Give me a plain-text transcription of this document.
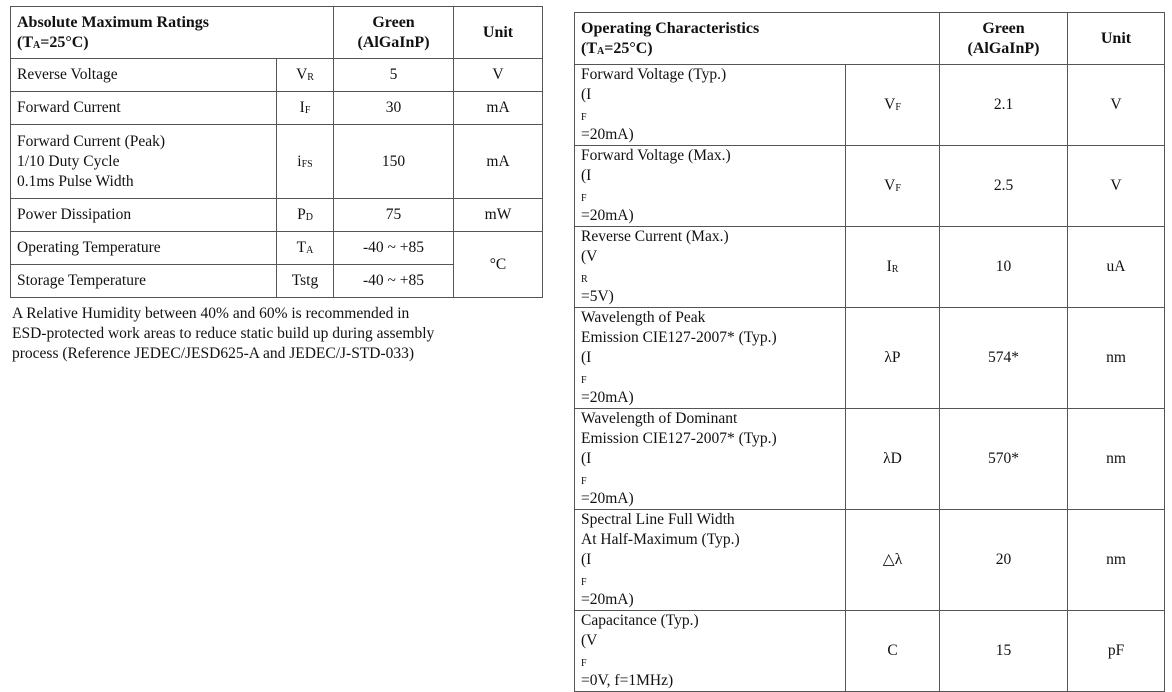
Absolute Maximum Ratings
$(T_A=25^\circ C)$		Green
(AlGaInP)	Unit
Reverse Voltage	$V_R$	5	V
Forward Current	$I_F$	30	mA

Forward Current (Peak)
1/10 Duty Cycle
0.1ms Pulse Width	$i_{FS}$	150	mA
Power Dissipation	$P_D$	75	mW
Operating Temperature	$T_A$	-40 ~ +85	°C
Storage Temperature	Tstg	-40 ~ +85	
A Relative Humidity between 40% and 60% is recommended in
ESD-protected work areas to reduce static build up during assembly
process (Reference JEDEC/JESD625-A and JEDEC/J-STD-033)
Operating Characteristics
$(T_A=25^\circ C)$		Green
(AlGaInP)	Unit

Forward Voltage (Typ.)
(I
$_F$
=20mA)	$V_F$	2.1	V

Forward Voltage (Max.)
(I
$_F$
=20mA)	$V_F$	2.5	V

Reverse Current (Max.)
(V
$_R$
=5V)	$I_R$	10	uA

Wavelength of Peak
Emission CIE127-2007* (Typ.)
(I
$_F$
=20mA)	λP	574*	nm

Wavelength of Dominant
Emission CIE127-2007* (Typ.)
(I
$_F$
=20mA)	λD	570*	nm

Spectral Line Full Width
At Half-Maximum (Typ.)
(I
$_F$
=20mA)	△λ	20	nm

Capacitance (Typ.)
(V
$_F$
=0V, f=1MHz)	C	15	pF
